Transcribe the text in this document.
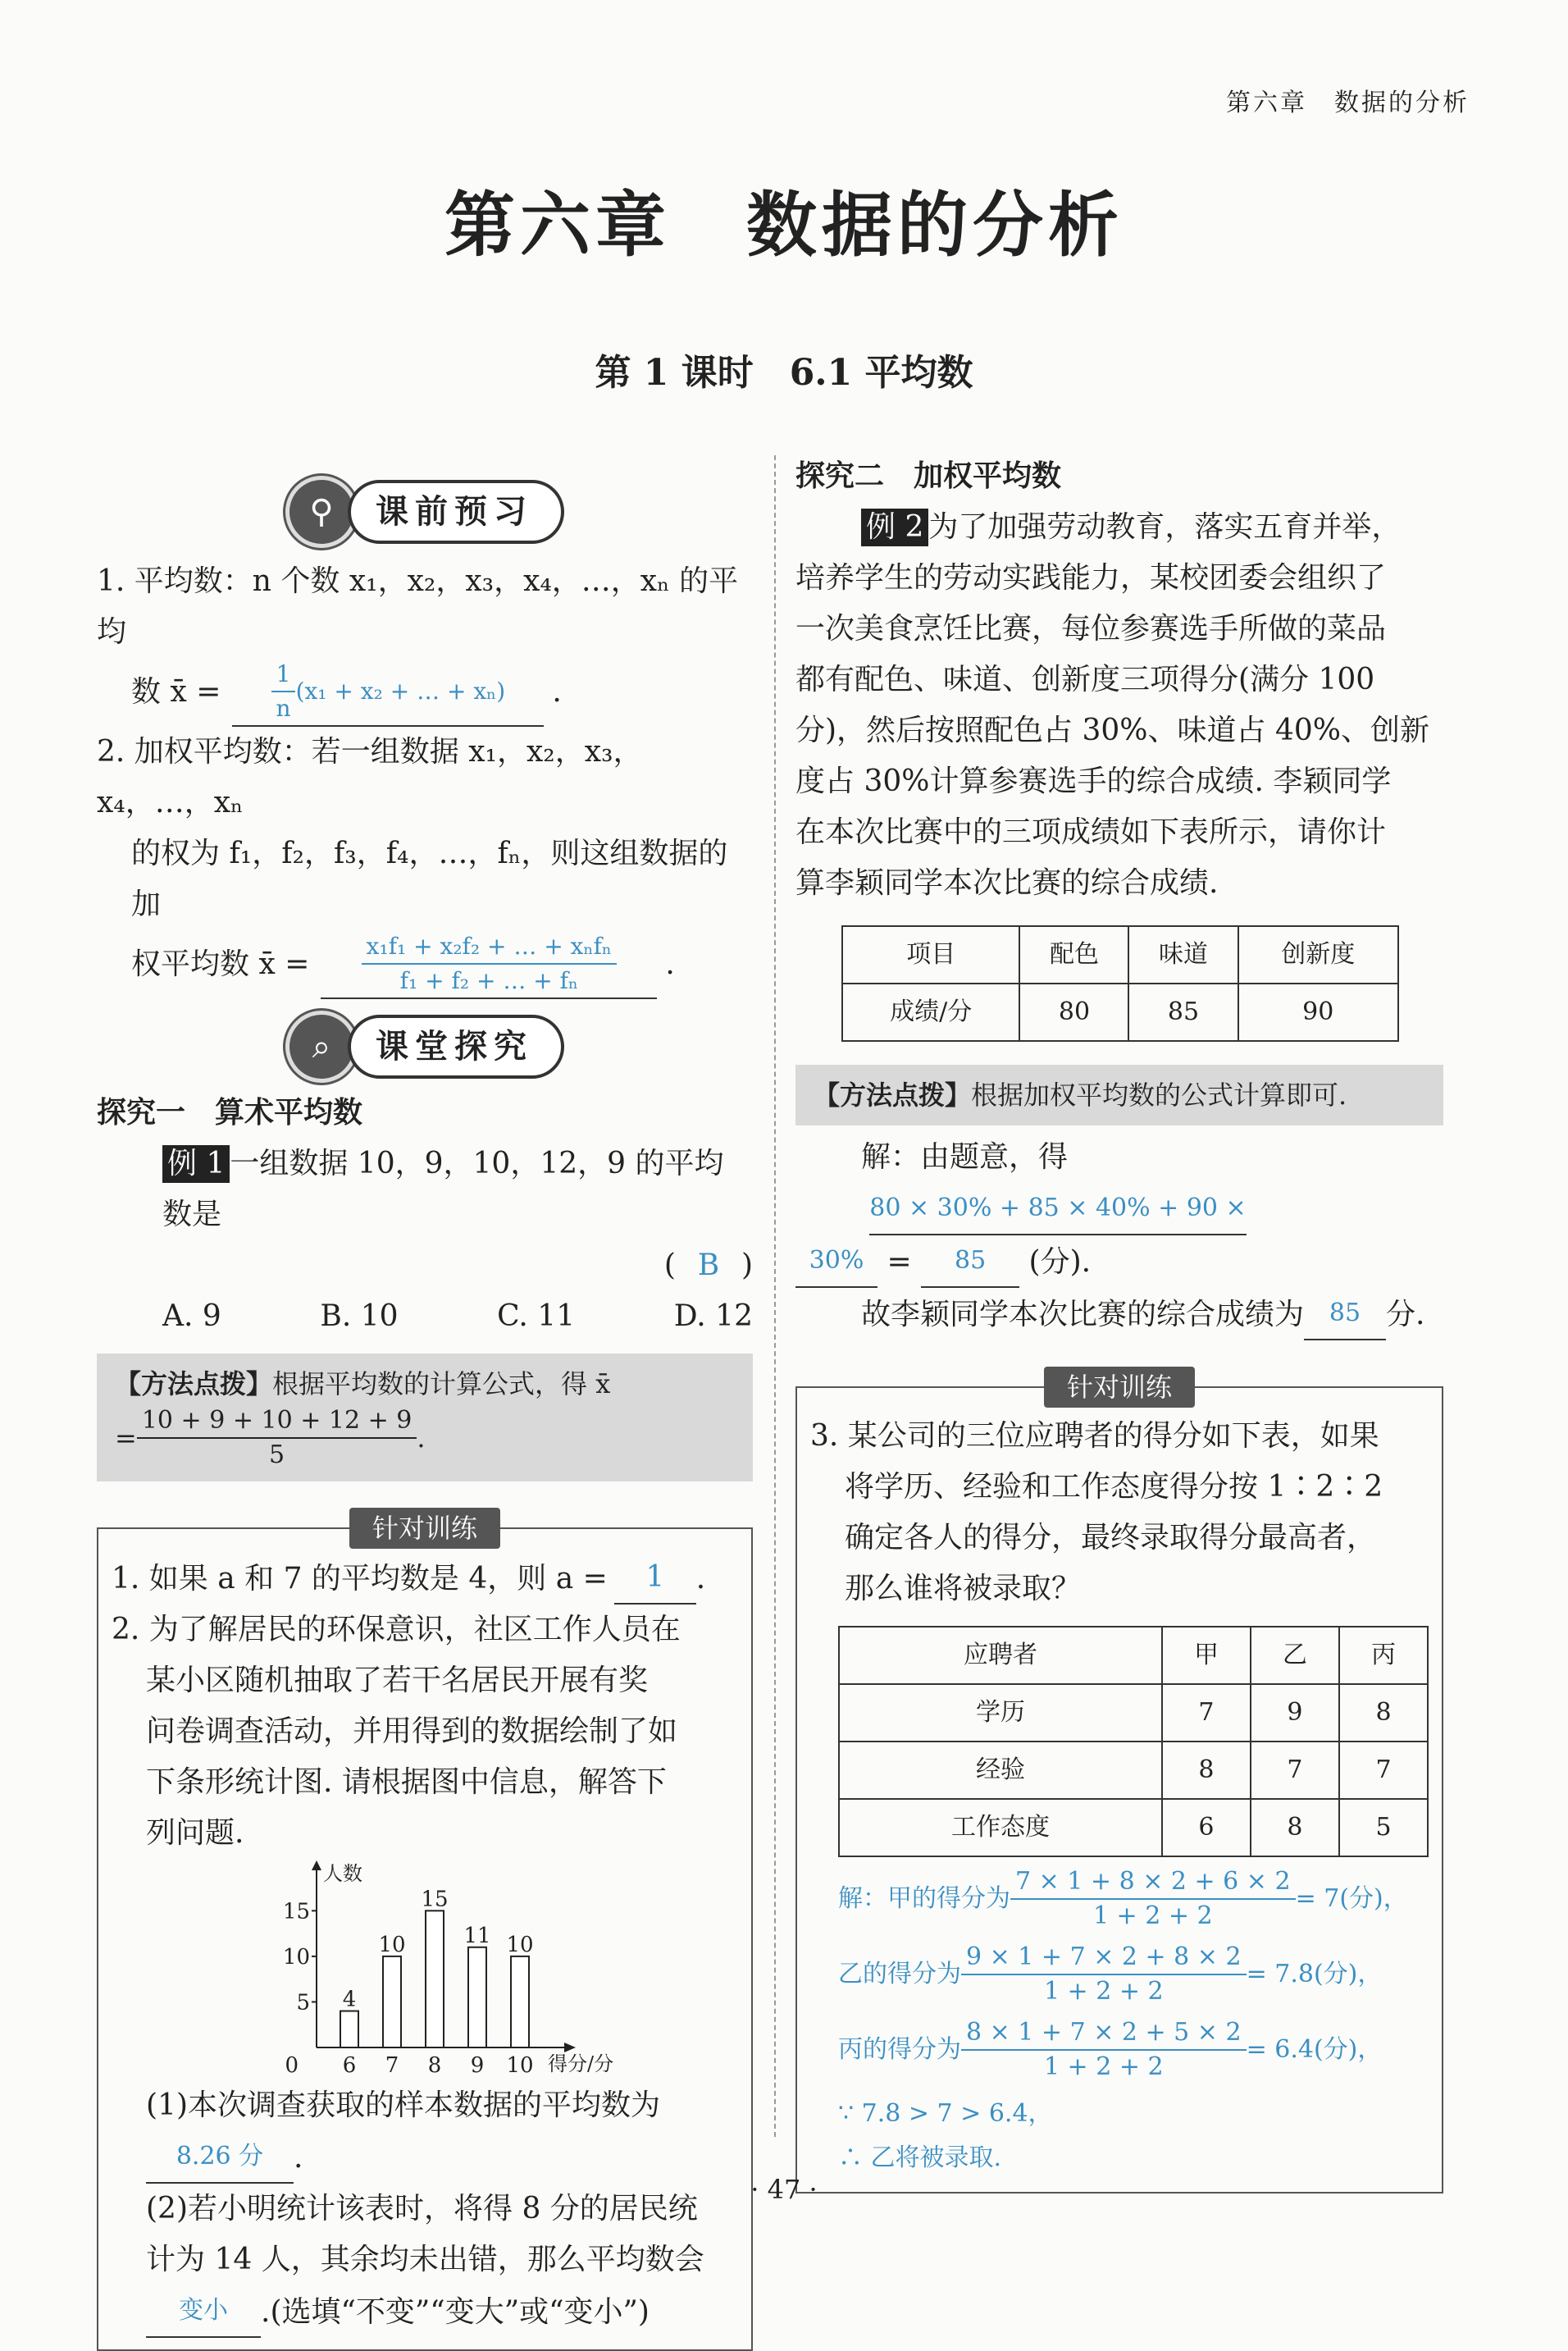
第六章　数据的分析
第六章　数据的分析
第 1 课时　6.1 平均数
⚲	课前预习
1. 平均数：n 个数 x₁，x₂，x₃，x₄，…，xₙ 的平均
数 x̄ = $\frac{1}{n} (x_1 + x_2$ + … + xₙ)	.
2. 加权平均数：若一组数据 x₁，x₂，x₃，x₄，…，xₙ
的权为 f₁，f₂，f₃，f₄，…，fₙ，则这组数据的加
权平均数 x̄ = $\frac{\text{x₁f₁ + x₂f₂ + … + xₙfₙ}}{\text{f₁ + f₂ + … + fₙ}}$ .
⌕	课堂探究
探究一　算术平均数
例 1 一组数据 10，9，10，12，9 的平均数是
( B )
A. 9	B. 10	C. 11	D. 12
【方法点拨】根据平均数的计算公式，得 x̄
= $\frac{10 + 9 + 10 + 12 + 9}{5}$ .
针对训练
1. 如果 a 和 7 的平均数是 4，则 a = 1 .
2. 为了解居民的环保意识，社区工作人员在
某小区随机抽取了若干名居民开展有奖
问卷调查活动，并用得到的数据绘制了如
下条形统计图. 请根据图中信息，解答下
列问题.
人数
得分/分
0
5
10
15
4
6
10
7
15
8
11
9
10
10
(1)本次调查获取的样本数据的平均数为
8.26 分 .
(2)若小明统计该表时，将得 8 分的居民统
计为 14 人，其余均未出错，那么平均数会
变小 .(选填“不变”“变大”或“变小”)
探究二　加权平均数
例 2 为了加强劳动教育，落实五育并举，
培养学生的劳动实践能力，某校团委会组织了
一次美食烹饪比赛，每位参赛选手所做的菜品
都有配色、味道、创新度三项得分(满分 100
分)，然后按照配色占 30%、味道占 40%、创新
度占 30%计算参赛选手的综合成绩. 李颖同学
在本次比赛中的三项成绩如下表所示，请你计
算李颖同学本次比赛的综合成绩.
项目	配色	味道	创新度
成绩/分	80	85	90
【方法点拨】根据加权平均数的公式计算即可.
解：由题意，得80 × 30% + 85 × 40% + 90 ×
30% = 85 (分).
故李颖同学本次比赛的综合成绩为 85 分.
针对训练
3. 某公司的三位应聘者的得分如下表，如果
将学历、经验和工作态度得分按 1∶2∶2
确定各人的得分，最终录取得分最高者，
那么谁将被录取？
应聘者	甲	乙	丙
学历	7	9	8
经验	8	7	7
工作态度	6	8	5
解：甲的得分为 $\frac{7 \times 1 + 8 \times 2 + 6 \times 2}{1 + 2 + 2} = 7$(分)，
乙的得分为 $\frac{9 \times 1 + 7 \times 2 + 8 \times 2}{1 + 2 + 2} = 7.8$(分)，
丙的得分为 $\frac{8 \times 1 + 7 \times 2 + 5 \times 2}{1 + 2 + 2} = 6.4$(分)，
∵ 7.8 > 7 > 6.4，
∴ 乙将被录取.
· 47 ·
